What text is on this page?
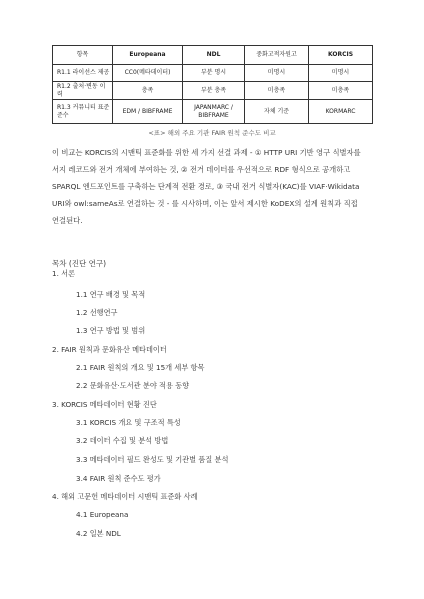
항목	Europeana	NDL	중화고적자원고	KORCIS
R1.1 라이선스 제공	CC0(메타데이터)	부분 명시	미명시	미명시
R1.2 출처·변동 이력	충족	부분 충족	미충족	미충족
R1.3 커뮤니티 표준 준수	EDM / BIBFRAME	JAPANMARC / BIBFRAME	자체 기준	KORMARC
<표> 해외 주요 기관 FAIR 원칙 준수도 비교
이 비교는 KORCIS의 시맨틱 표준화를 위한 세 가지 선결 과제 - ① HTTP URI 기반 영구 식별자를
서지 레코드와 전거 개체에 부여하는 것, ② 전거 데이터를 우선적으로 RDF 형식으로 공개하고
SPARQL 엔드포인트를 구축하는 단계적 전환 경로, ③ 국내 전거 식별자(KAC)를 VIAF·Wikidata
URI와 owl:sameAs로 연결하는 것 - 를 시사하며, 이는 앞서 제시한 KoDEX의 설계 원칙과 직접
연결된다.
목차 (진단 연구)
1. 서론
1.1 연구 배경 및 목적
1.2 선행연구
1.3 연구 방법 및 범위
2. FAIR 원칙과 문화유산 메타데이터
2.1 FAIR 원칙의 개요 및 15개 세부 항목
2.2 문화유산·도서관 분야 적용 동향
3. KORCIS 메타데이터 현황 진단
3.1 KORCIS 개요 및 구조적 특성
3.2 데이터 수집 및 분석 방법
3.3 메타데이터 필드 완성도 및 기관별 품질 분석
3.4 FAIR 원칙 준수도 평가
4. 해외 고문헌 메타데이터 시맨틱 표준화 사례
4.1 Europeana
4.2 일본 NDL
